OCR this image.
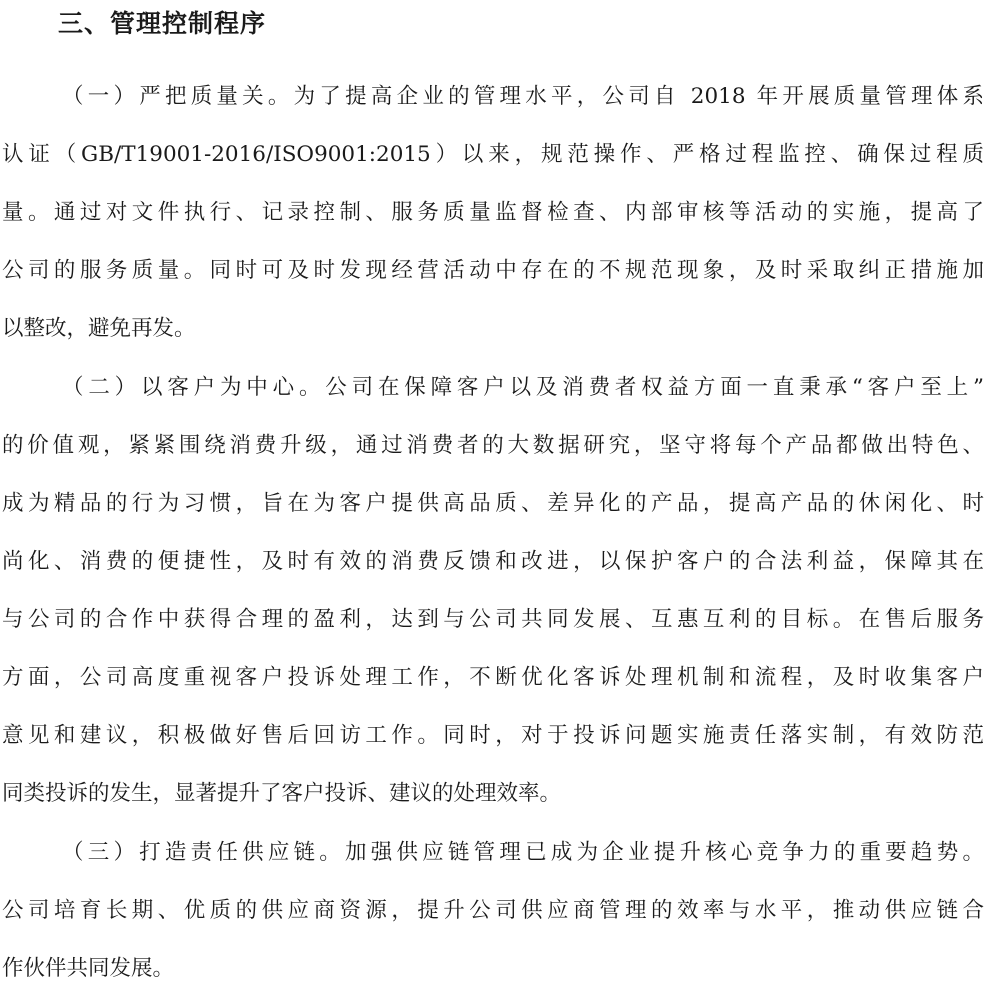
三、管理控制程序
（一）严把质量关。为了提高企业的管理水平，公司自 2018 年开展质量管理体系
认证（GB/T19001-2016/ISO9001:2015）以来，规范操作、严格过程监控、确保过程质
量。通过对文件执行、记录控制、服务质量监督检查、内部审核等活动的实施，提高了
公司的服务质量。同时可及时发现经营活动中存在的不规范现象，及时采取纠正措施加
以整改，避免再发。
（二）以客户为中心。公司在保障客户以及消费者权益方面一直秉承“客户至上”
的价值观，紧紧围绕消费升级，通过消费者的大数据研究，坚守将每个产品都做出特色、
成为精品的行为习惯，旨在为客户提供高品质、差异化的产品，提高产品的休闲化、时
尚化、消费的便捷性，及时有效的消费反馈和改进，以保护客户的合法利益，保障其在
与公司的合作中获得合理的盈利，达到与公司共同发展、互惠互利的目标。在售后服务
方面，公司高度重视客户投诉处理工作，不断优化客诉处理机制和流程，及时收集客户
意见和建议，积极做好售后回访工作。同时，对于投诉问题实施责任落实制，有效防范
同类投诉的发生，显著提升了客户投诉、建议的处理效率。
（三）打造责任供应链。加强供应链管理已成为企业提升核心竞争力的重要趋势。
公司培育长期、优质的供应商资源，提升公司供应商管理的效率与水平，推动供应链合
作伙伴共同发展。
